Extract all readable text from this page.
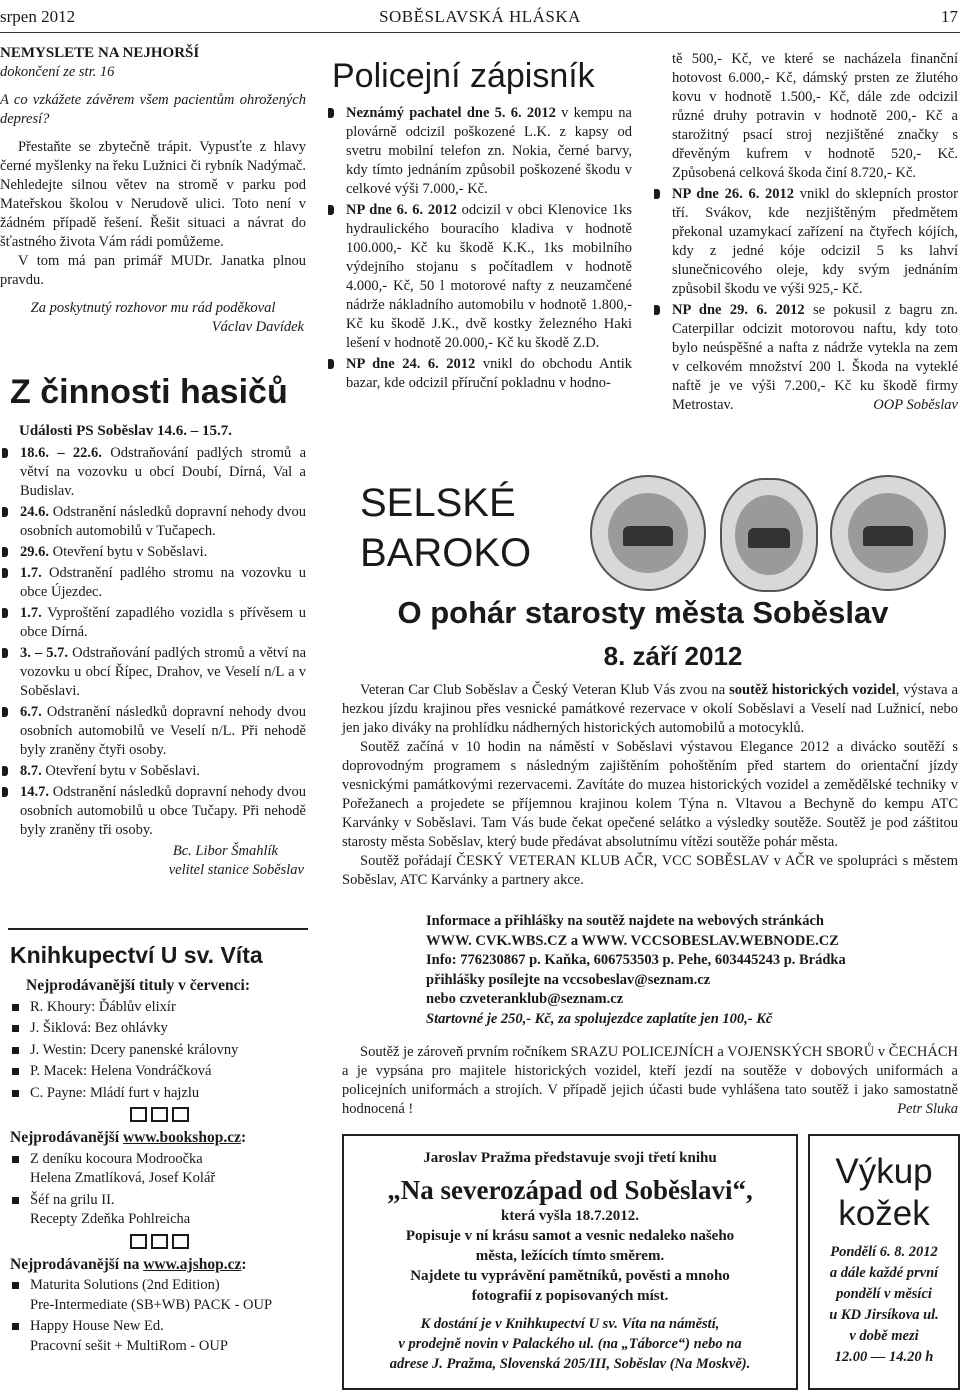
srpen 2012	SOBĚSLAVSKÁ HLÁSKA	17

NEMYSLETE NA NEJHORŠÍ

dokončení ze str. 16

A co vzkážete závěrem všem pacientům ohrožených depresí?

Přestaňte se zbytečně trápit. Vypusťte z hlavy černé myšlenky na řeku Lužnici či rybník Nadýmač. Nehledejte silnou větev na stromě v parku pod Mateřskou školou v Nerudově ulici. Toto není v žádném případě řešení. Řešit situaci a návrat do šťastného života Vám rádi pomůžeme.

V tom má pan primář MUDr. Janatka plnou pravdu.

Za poskytnutý rozhovor mu rád poděkoval

Václav Davídek

Z činnosti hasičů

Události PS Soběslav 14.6. – 15.7.

18.6. – 22.6. Odstraňování padlých stromů a větví na vozovku u obcí Doubí, Dírná, Val a Budislav.
24.6. Odstranění následků dopravní nehody dvou osobních automobilů v Tučapech.
29.6. Otevření bytu v Soběslavi.
1.7. Odstranění padlého stromu na vozovku u obce Újezdec.
1.7. Vyproštění zapadlého vozidla s přívěsem u obce Dírná.
3. – 5.7. Odstraňování padlých stromů a větví na vozovku u obcí Řípec, Drahov, ve Veselí n/L a v Soběslavi.
6.7. Odstranění následků dopravní nehody dvou osobních automobilů ve Veselí n/L. Při nehodě byly zraněny čtyři osoby.
8.7. Otevření bytu v Soběslavi.
14.7. Odstranění následků dopravní nehody dvou osobních automobilů u obce Tučapy. Při nehodě byly zraněny tři osoby.

Bc. Libor Šmahlík

velitel stanice Soběslav

Knihkupectví U sv. Víta

Nejprodávanější tituly v červenci:

R. Khoury: Ďáblův elixír
J. Šiklová: Bez ohlávky
J. Westin: Dcery panenské královny
P. Macek: Helena Vondráčková
C. Payne: Mládí furt v hajzlu

Nejprodávanější www.bookshop.cz:

Z deníku kocoura Modroočka
Helena Zmatlíková, Josef Kolář
Šéf na grilu II.
Recepty Zdeňka Pohlreicha

Nejprodávanější na www.ajshop.cz:

Maturita Solutions (2nd Edition)
Pre-Intermediate (SB+WB) PACK - OUP
Happy House New Ed.
Pracovní sešit + MultiRom - OUP
Policejní zápisník
Neznámý pachatel dne 5. 6. 2012 v kempu na plovárně odcizil poškozené L.K. z kapsy od svetru mobilní telefon zn. Nokia, černé barvy, kdy tímto jednáním způsobil poškozené škodu v celkové výši 7.000,- Kč.
NP dne 6. 6. 2012 odcizil v obci Klenovice 1ks hydraulického bouracího kladiva v hodnotě 100.000,- Kč ku škodě K.K., 1ks mobilního výdejního stojanu s počítadlem v hodnotě 4.000,- Kč, 50 l motorové nafty z neuzamčené nádrže nákladního automobilu v hodnotě 1.800,- Kč ku škodě J.K., dvě kostky železného Haki lešení v hodnotě 20.000,- Kč ku škodě Z.D.
NP dne 24. 6. 2012 vnikl do obchodu Antik bazar, kde odcizil příruční pokladnu v hodno-
tě 500,- Kč, ve které se nacházela finanční hotovost 6.000,- Kč, dámský prsten ze žlutého kovu v hodnotě 1.500,- Kč, dále zde odcizil různé druhy potravin v hodnotě 200,- Kč a starožitný psací stroj nezjištěné značky s dřevěným kufrem v hodnotě 520,- Kč. Způsobená celková škoda činí 8.720,- Kč.
NP dne 26. 6. 2012 vnikl do sklepních prostor tří. Svákov, kde nezjištěným předmětem překonal uzamykací zařízení na čtyřech kójích, kdy z jedné kóje odcizil 5 ks lahví slunečnicového oleje, kdy svým jednáním způsobil škodu ve výši 925,- Kč.
NP dne 29. 6. 2012 se pokusil z bagru zn. Caterpillar odcizit motorovou naftu, kdy toto bylo neúspěšné a nafta z nádrže vytekla na zem v celkovém množství 200 l. Škoda na vyteklé naftě je ve výši 7.200,- Kč ku škodě firmy Metrostav.	OOP Soběslav

SELSKÉ
BAROKO
O pohár starosty města Soběslav
8. září 2012

Veteran Car Club Soběslav a Český Veteran Klub Vás zvou na soutěž historických vozidel, výstava a hezkou jízdu krajinou přes vesnické památkové rezervace v okolí Soběslavi a Veselí nad Lužnicí, nebo jen jako diváky na prohlídku nádherných historických automobilů a motocyklů.

Soutěž začíná v 10 hodin na náměstí v Soběslavi výstavou Elegance 2012 a divácko soutěží s doprovodným programem s následným zajištěním pohoštěním před startem do orientační jízdy vesnickými památkovými rezervacemi. Zavítáte do muzea historických vozidel a zemědělské techniky v Pořežanech a projedete se příjemnou krajinou kolem Týna n. Vltavou a Bechyně do kempu ATC Karvánky v Soběslavi. Tam Vás bude čekat opečené selátko a výsledky soutěže. Soutěž je pod záštitou starosty města Soběslav, který bude předávat absolutnímu vítězi soutěže pohár města.

Soutěž pořádají ČESKÝ VETERAN KLUB AČR, VCC SOBĚSLAV v AČR ve spolupráci s městem Soběslav, ATC Karvánky a partnery akce.

Informace a přihlášky na soutěž najdete na webových stránkách

WWW. CVK.WBS.CZ a WWW. VCCSOBESLAV.WEBNODE.CZ

Info: 776230867 p. Kaňka, 606753503 p. Pehe, 603445243 p. Brádka

přihlášky posílejte na vccsobeslav@seznam.cz

nebo czveteranklub@seznam.cz

Startovné je 250,- Kč, za spolujezdce zaplatíte jen 100,- Kč

Soutěž je zároveň prvním ročníkem SRAZU POLICEJNÍCH a VOJENSKÝCH SBORŮ v ČECHÁCH a je vypsána pro majitele historických vozidel, kteří jezdí na soutěže v dobových uniformách a policejních uniformách a strojích. V případě jejich účasti bude vyhlášena tato soutěž i jako samostatně hodnocená !	Petr Sluka

Jaroslav Pražma představuje svoji třetí knihu

„Na severozápad od Soběslavi“,

která vyšla 18.7.2012.

Popisuje v ní krásu samot a vesnic nedaleko našeho

města, ležících tímto směrem.

Najdete tu vyprávění pamětníků, pověsti a mnoho

fotografií z popisovaných míst.

K dostání je v Knihkupectví U sv. Víta na náměstí,

v prodejně novin v Palackého ul. (na „Táborce“) nebo na

adrese J. Pražma, Slovenská 205/III, Soběslav (Na Moskvě).

Výkup

kožek

Pondělí 6. 8. 2012

a dále každé první

pondělí v měsíci

u KD Jirsíkova ul.

v době mezi

12.00 — 14.20 h
